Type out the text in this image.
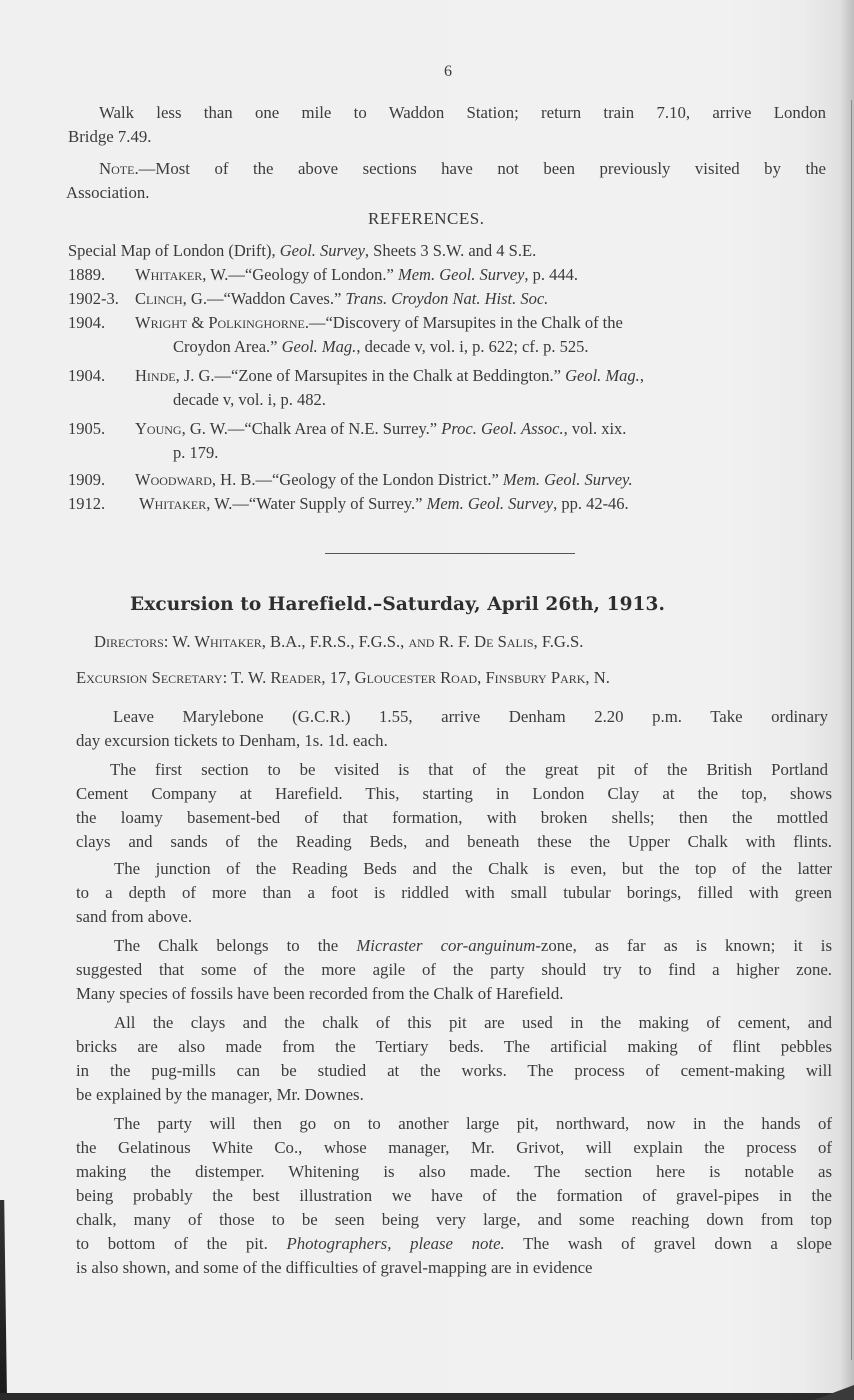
6
Walk less than one mile to Waddon Station; return train 7.10, arrive London
Bridge 7.49.
Note.—Most of the above sections have not been previously visited by the
Association.
REFERENCES.
Special Map of London (Drift), Geol. Survey, Sheets 3 S.W. and 4 S.E.
1889. Whitaker, W.—“Geology of London.” Mem. Geol. Survey, p. 444.
1902-3. Clinch, G.—“Waddon Caves.” Trans. Croydon Nat. Hist. Soc.
1904. Wright & Polkinghorne.—“Discovery of Marsupites in the Chalk of the
Croydon Area.” Geol. Mag., decade v, vol. i, p. 622; cf. p. 525.
1904. Hinde, J. G.—“Zone of Marsupites in the Chalk at Beddington.” Geol. Mag.,
decade v, vol. i, p. 482.
1905. Young, G. W.—“Chalk Area of N.E. Surrey.” Proc. Geol. Assoc., vol. xix.
p. 179.
1909. Woodward, H. B.—“Geology of the London District.” Mem. Geol. Survey.
1912. Whitaker, W.—“Water Supply of Surrey.” Mem. Geol. Survey, pp. 42-46.
Excursion to Harefield.–Saturday, April 26th, 1913.
Directors: W. Whitaker, B.A., F.R.S., F.G.S., and R. F. De Salis, F.G.S.
Excursion Secretary: T. W. Reader, 17, Gloucester Road, Finsbury Park, N.
Leave Marylebone (G.C.R.) 1.55, arrive Denham 2.20 p.m. Take ordinary
day excursion tickets to Denham, 1s. 1d. each.
The first section to be visited is that of the great pit of the British Portland
Cement Company at Harefield. This, starting in London Clay at the top, shows
the loamy basement-bed of that formation, with broken shells; then the mottled
clays and sands of the Reading Beds, and beneath these the Upper Chalk with flints.
The junction of the Reading Beds and the Chalk is even, but the top of the latter
to a depth of more than a foot is riddled with small tubular borings, filled with green
sand from above.
The Chalk belongs to the Micraster cor-anguinum-zone, as far as is known; it is
suggested that some of the more agile of the party should try to find a higher zone.
Many species of fossils have been recorded from the Chalk of Harefield.
All the clays and the chalk of this pit are used in the making of cement, and
bricks are also made from the Tertiary beds. The artificial making of flint pebbles
in the pug-mills can be studied at the works. The process of cement-making will
be explained by the manager, Mr. Downes.
The party will then go on to another large pit, northward, now in the hands of
the Gelatinous White Co., whose manager, Mr. Grivot, will explain the process of
making the distemper. Whitening is also made. The section here is notable as
being probably the best illustration we have of the formation of gravel-pipes in the
chalk, many of those to be seen being very large, and some reaching down from top
to bottom of the pit. Photographers, please note. The wash of gravel down a slope
is also shown, and some of the difficulties of gravel-mapping are in evidence
